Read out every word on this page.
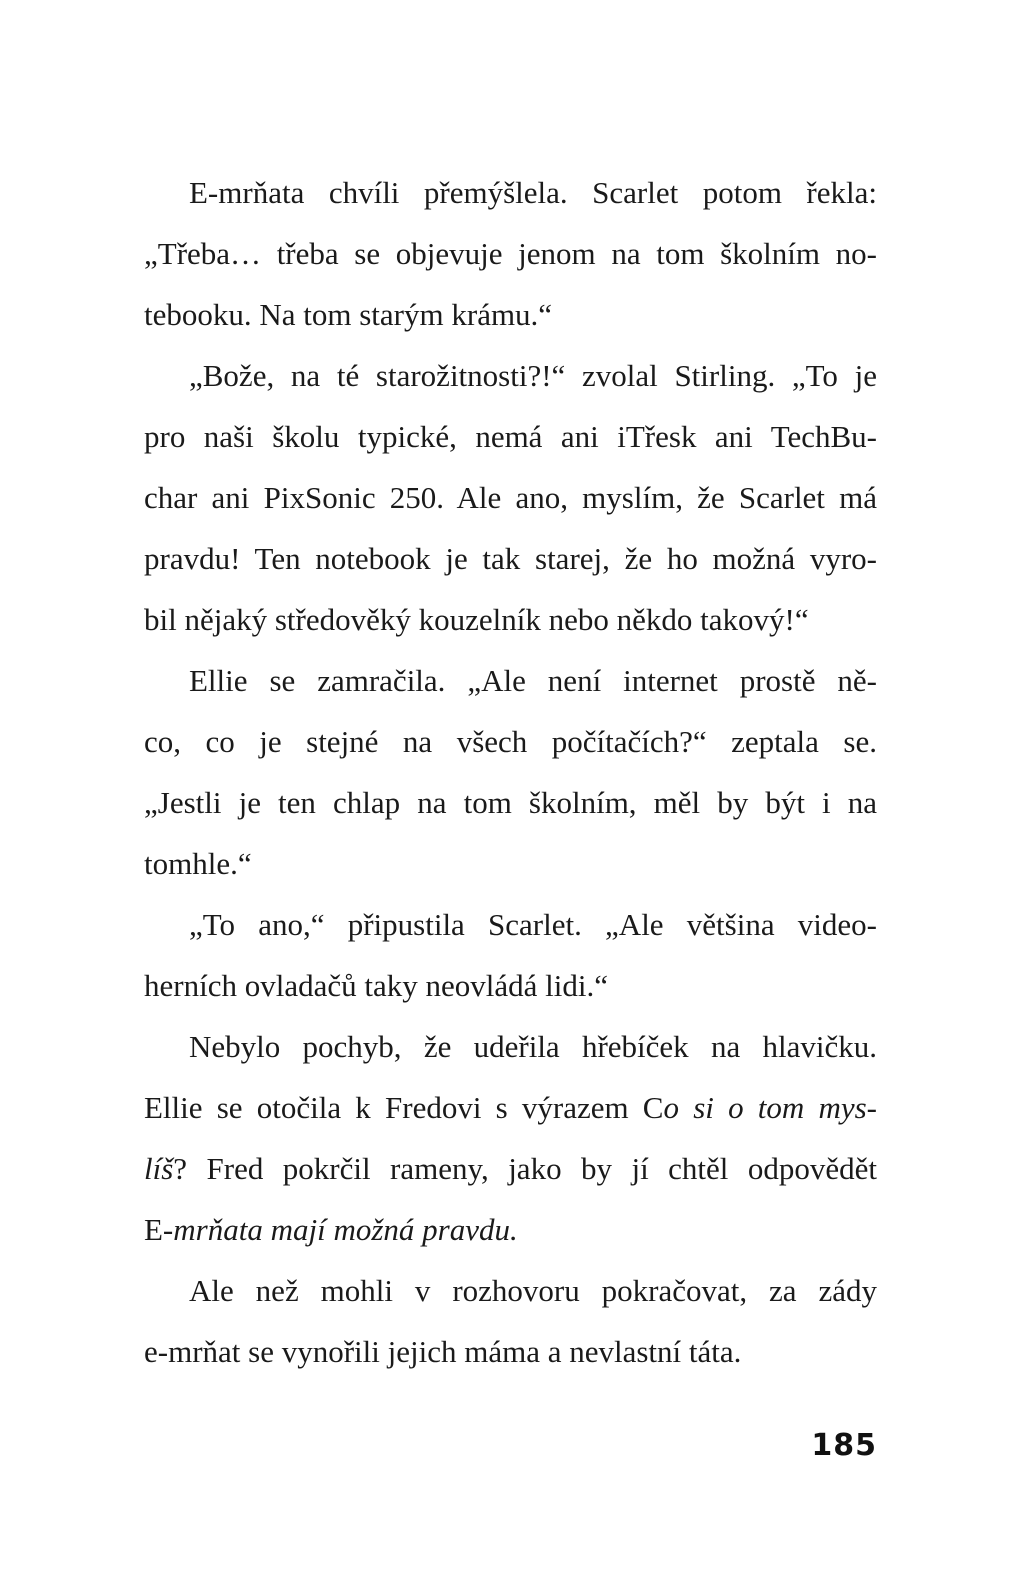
E-mrňata chvíli přemýšlela. Scarlet potom řekla:
„Třeba… třeba se objevuje jenom na tom školním no-
tebooku. Na tom starým krámu.“
„Bože, na té starožitnosti?!“ zvolal Stirling. „To je
pro naši školu typické, nemá ani iTřesk ani TechBu-
char ani PixSonic 250. Ale ano, myslím, že Scarlet má
pravdu! Ten notebook je tak starej, že ho možná vyro-
bil nějaký středověký kouzelník nebo někdo takový!“
Ellie se zamračila. „Ale není internet prostě ně-
co, co je stejné na všech počítačích?“ zeptala se.
„Jestli je ten chlap na tom školním, měl by být i na
tomhle.“
„To ano,“ připustila Scarlet. „Ale většina video-
herních ovladačů taky neovládá lidi.“
Nebylo pochyb, že udeřila hřebíček na hlavičku.
Ellie se otočila k Fredovi s výrazem Co si o tom mys-
líš? Fred pokrčil rameny, jako by jí chtěl odpovědět
E-mrňata mají možná pravdu.
Ale než mohli v rozhovoru pokračovat, za zády
e-mrňat se vynořili jejich máma a nevlastní táta.
185
